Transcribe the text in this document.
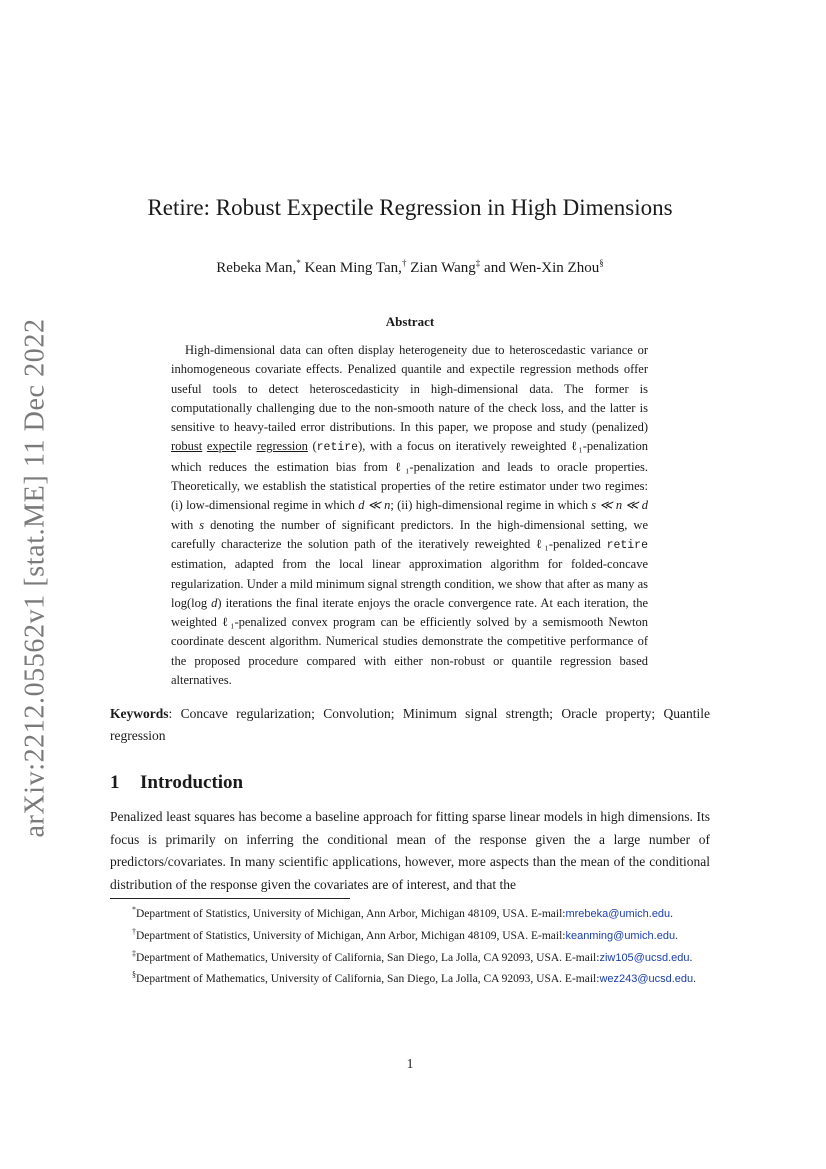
arXiv:2212.05562v1 [stat.ME] 11 Dec 2022
Retire: Robust Expectile Regression in High Dimensions
Rebeka Man,* Kean Ming Tan,† Zian Wang‡ and Wen-Xin Zhou§
Abstract

High-dimensional data can often display heterogeneity due to heteroscedastic variance or inhomogeneous covariate effects. Penalized quantile and expectile regression methods offer useful tools to detect heteroscedasticity in high-dimensional data. The former is computationally challenging due to the non-smooth nature of the check loss, and the latter is sensitive to heavy-tailed error distributions. In this paper, we propose and study (penalized) robust expectile regression (retire), with a focus on iteratively reweighted ℓ₁-penalization which reduces the estimation bias from ℓ₁-penalization and leads to oracle properties. Theoretically, we establish the statistical properties of the retire estimator under two regimes: (i) low-dimensional regime in which d ≪ n; (ii) high-dimensional regime in which s ≪ n ≪ d with s denoting the number of significant predictors. In the high-dimensional setting, we carefully characterize the solution path of the iteratively reweighted ℓ₁-penalized retire estimation, adapted from the local linear approximation algorithm for folded-concave regularization. Under a mild minimum signal strength condition, we show that after as many as log(log d) iterations the final iterate enjoys the oracle convergence rate. At each iteration, the weighted ℓ₁-penalized convex program can be efficiently solved by a semismooth Newton coordinate descent algorithm. Numerical studies demonstrate the competitive performance of the proposed procedure compared with either non-robust or quantile regression based alternatives.

Keywords: Concave regularization; Convolution; Minimum signal strength; Oracle property; Quantile regression

1 Introduction

Penalized least squares has become a baseline approach for fitting sparse linear models in high dimensions. Its focus is primarily on inferring the conditional mean of the response given the a large number of predictors/covariates. In many scientific applications, however, more aspects than the mean of the conditional distribution of the response given the covariates are of interest, and that the

*Department of Statistics, University of Michigan, Ann Arbor, Michigan 48109, USA. E-mail:mrebeka@umich.edu.

†Department of Statistics, University of Michigan, Ann Arbor, Michigan 48109, USA. E-mail:keanming@umich.edu.

‡Department of Mathematics, University of California, San Diego, La Jolla, CA 92093, USA. E-mail:ziw105@ucsd.edu.

§Department of Mathematics, University of California, San Diego, La Jolla, CA 92093, USA. E-mail:wez243@ucsd.edu.

1
